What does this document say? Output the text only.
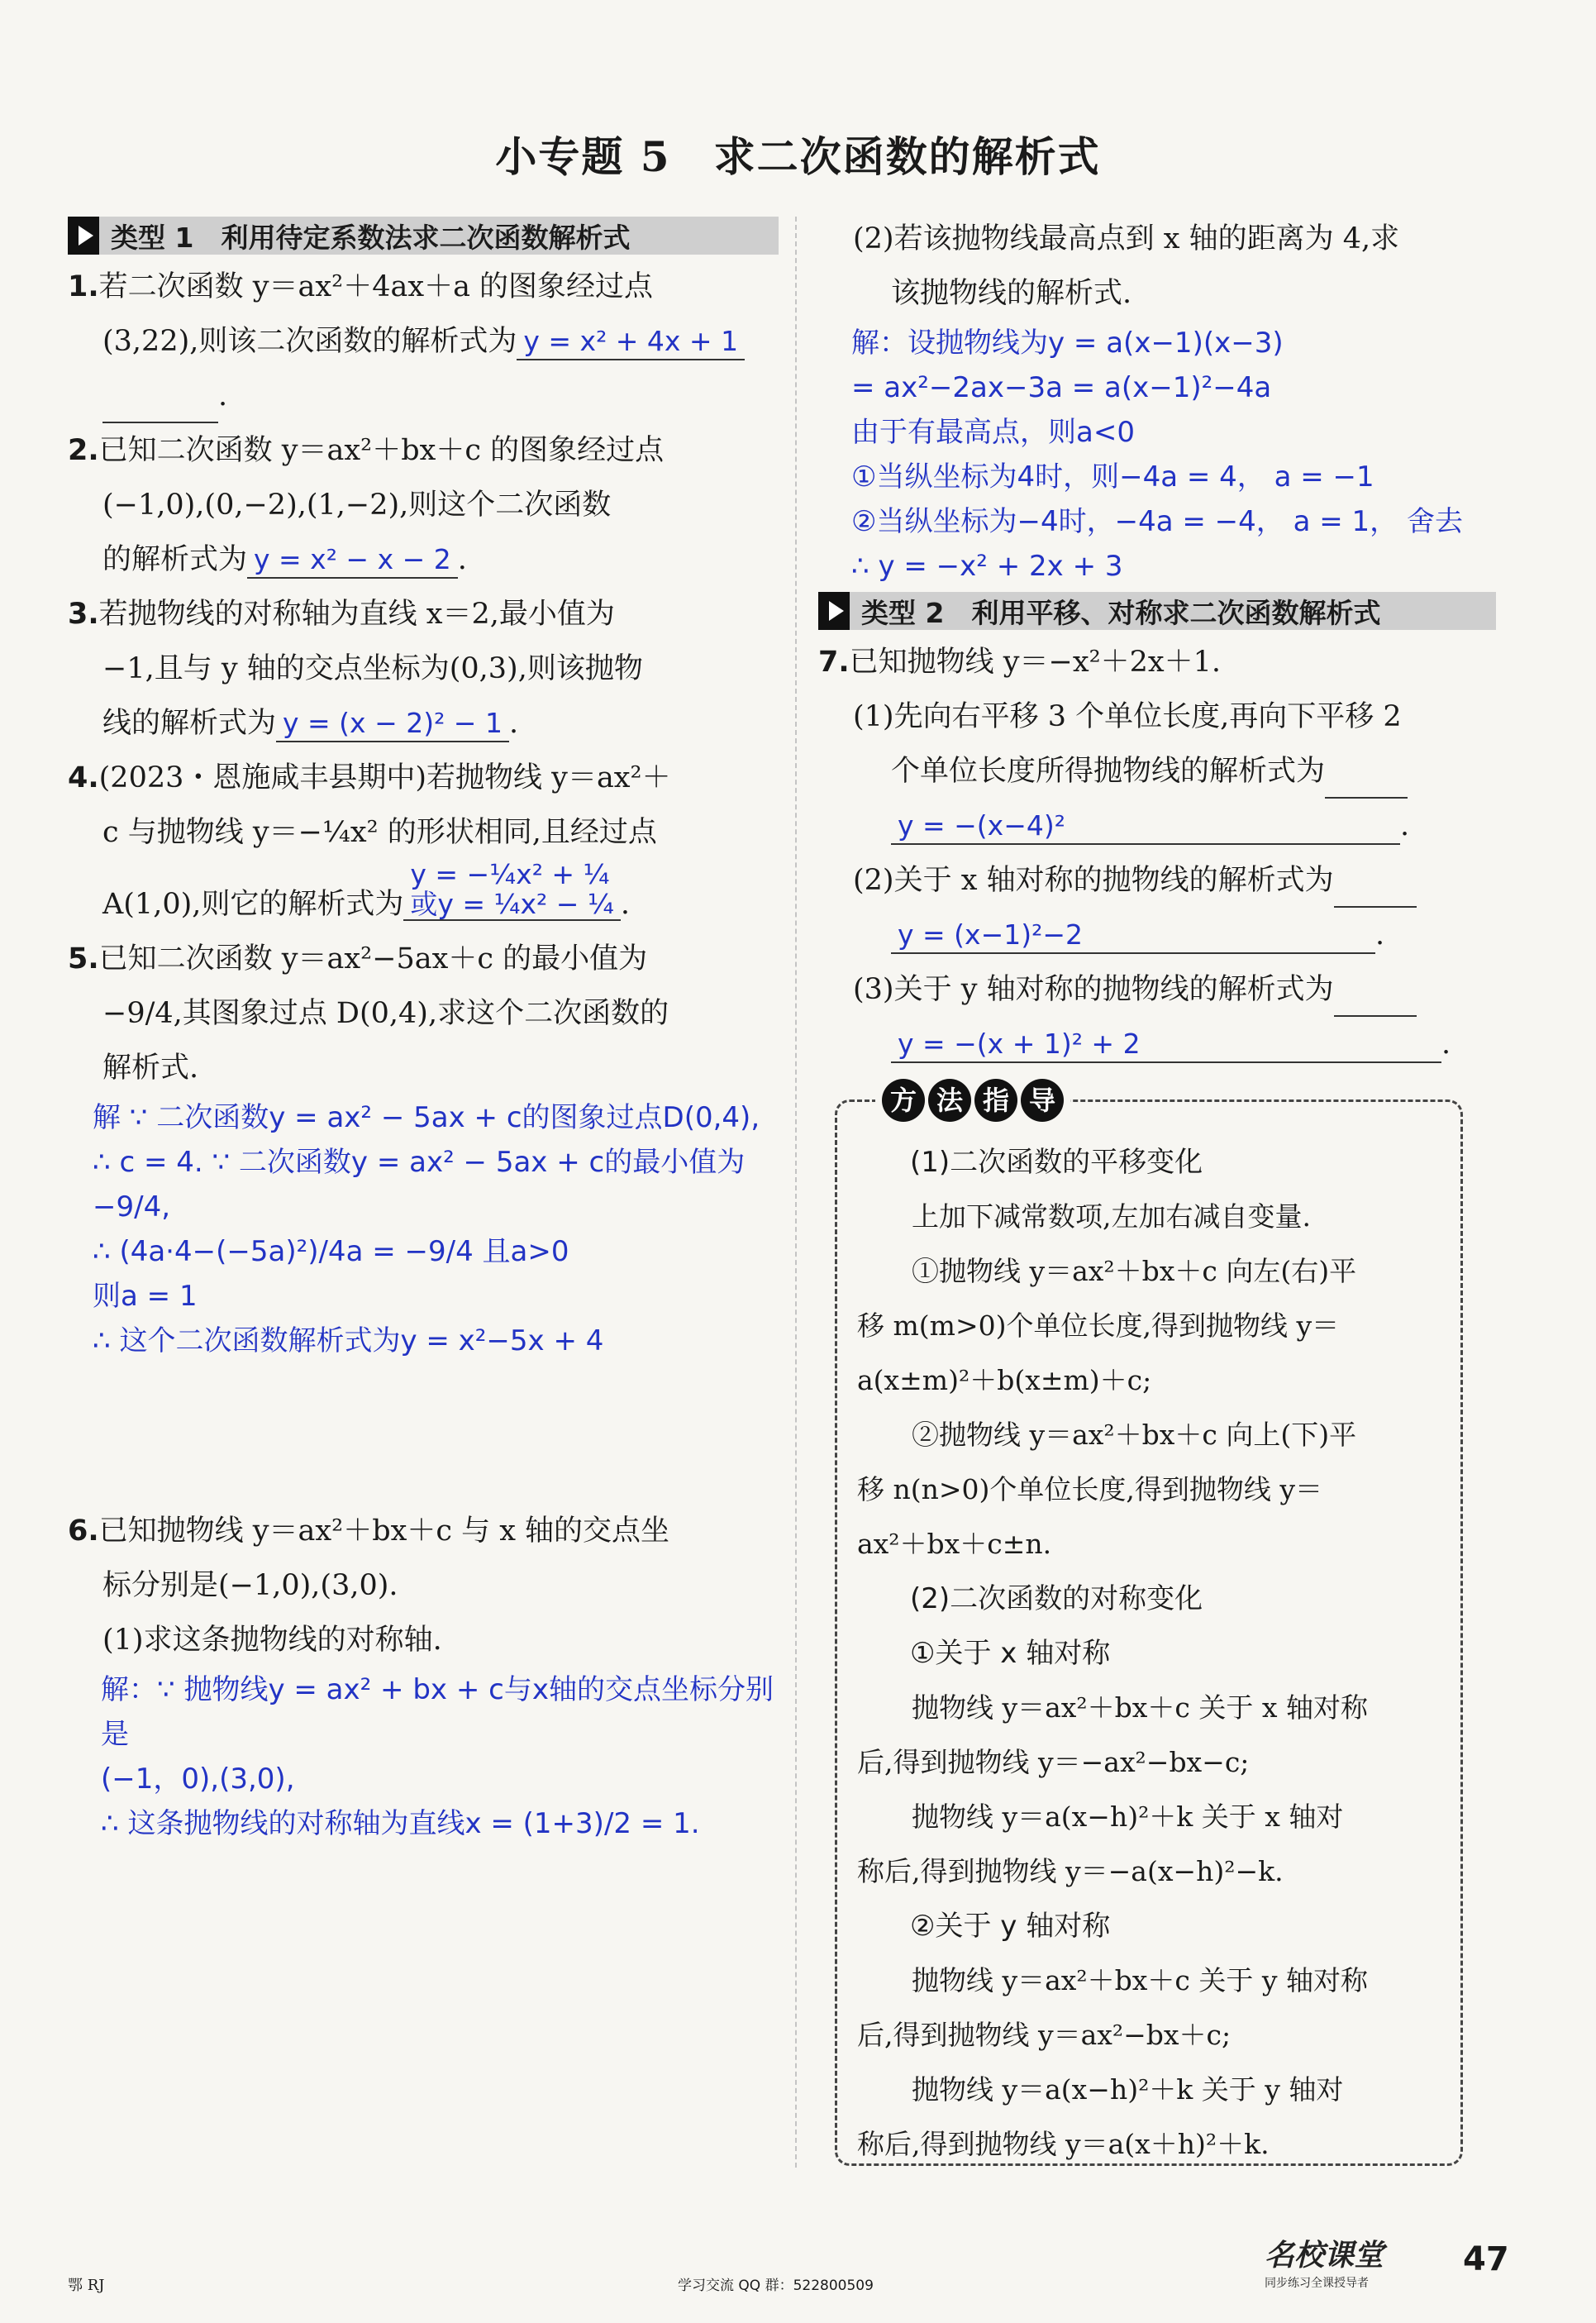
小专题 5　求二次函数的解析式
类型 1　利用待定系数法求二次函数解析式
1.若二次函数 y＝ax²＋4ax＋a 的图象经过点
(3,22),则该二次函数的解析式为 y = x² + 4x + 1
.
2.已知二次函数 y＝ax²＋bx＋c 的图象经过点
(−1,0),(0,−2),(1,−2),则这个二次函数
的解析式为 y = x² − x − 2 .
3.若抛物线的对称轴为直线 x＝2,最小值为
−1,且与 y 轴的交点坐标为(0,3),则该抛物
线的解析式为 y = (x − 2)² − 1 .
4.(2023・恩施咸丰县期中)若抛物线 y＝ax²＋
c 与抛物线 y＝−¼x² 的形状相同,且经过点
A(1,0),则它的解析式为
y = −¼x² + ¼
或y = ¼x² − ¼ .
5.已知二次函数 y＝ax²−5ax＋c 的最小值为
−9/4,其图象过点 D(0,4),求这个二次函数的
解析式.
解 ∵ 二次函数y = ax² − 5ax + c的图象过点D(0,4),
∴ c = 4. ∵ 二次函数y = ax² − 5ax + c的最小值为−9/4,
∴ (4a·4−(−5a)²)/4a = −9/4 且a>0
则a = 1
∴ 这个二次函数解析式为y = x²−5x + 4
6.已知抛物线 y＝ax²＋bx＋c 与 x 轴的交点坐
标分别是(−1,0),(3,0).
(1)求这条抛物线的对称轴.
解：∵ 抛物线y = ax² + bx + c与x轴的交点坐标分别是
(−1，0),(3,0),
∴ 这条抛物线的对称轴为直线x = (1+3)/2 = 1.
(2)若该抛物线最高点到 x 轴的距离为 4,求
该抛物线的解析式.
解：设抛物线为y = a(x−1)(x−3)
= ax²−2ax−3a = a(x−1)²−4a
由于有最高点，则a<0
①当纵坐标为4时，则−4a = 4， a = −1
②当纵坐标为−4时，−4a = −4， a = 1， 舍去
∴ y = −x² + 2x + 3
类型 2　利用平移、对称求二次函数解析式
7.已知抛物线 y＝−x²＋2x＋1.
(1)先向右平移 3 个单位长度,再向下平移 2
个单位长度所得抛物线的解析式为
y = −(x−4)²	.
(2)关于 x 轴对称的抛物线的解析式为
y = (x−1)²−2	.
(3)关于 y 轴对称的抛物线的解析式为
y = −(x + 1)² + 2	.
方 法 指 导
(1)二次函数的平移变化
上加下减常数项,左加右减自变量.
①抛物线 y＝ax²＋bx＋c 向左(右)平
移 m(m>0)个单位长度,得到抛物线 y＝
a(x±m)²＋b(x±m)＋c;
②抛物线 y＝ax²＋bx＋c 向上(下)平
移 n(n>0)个单位长度,得到抛物线 y＝
ax²＋bx＋c±n.
(2)二次函数的对称变化
①关于 x 轴对称
抛物线 y＝ax²＋bx＋c 关于 x 轴对称
后,得到抛物线 y＝−ax²−bx−c;
抛物线 y＝a(x−h)²＋k 关于 x 轴对
称后,得到抛物线 y＝−a(x−h)²−k.
②关于 y 轴对称
抛物线 y＝ax²＋bx＋c 关于 y 轴对称
后,得到抛物线 y＝ax²−bx＋c;
抛物线 y＝a(x−h)²＋k 关于 y 轴对
称后,得到抛物线 y＝a(x＋h)²＋k.
鄂 RJ	学习交流 QQ 群：522800509
名校课堂
同步练习全课授导者
47
